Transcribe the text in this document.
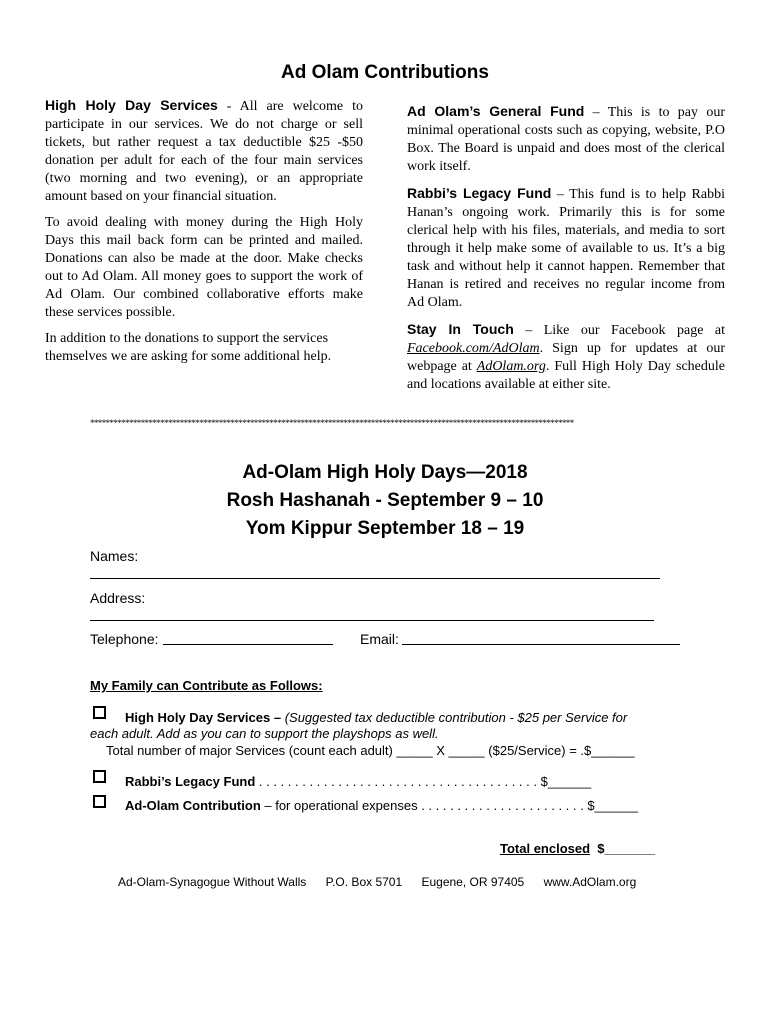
Ad Olam Contributions

High Holy Day Services - All are welcome to participate in our services. We do not charge or sell tickets, but rather request a tax deductible $25 -$50 donation per adult for each of the four main services (two morning and two evening), or an appropriate amount based on your financial situation.

To avoid dealing with money during the High Holy Days this mail back form can be printed and mailed. Donations can also be made at the door. Make checks out to Ad Olam. All money goes to support the work of Ad Olam. Our combined collaborative efforts make these services possible.

In addition to the donations to support the services themselves we are asking for some additional help.

Ad Olam’s General Fund – This is to pay our minimal operational costs such as copying, website, P.O Box. The Board is unpaid and does most of the clerical work itself.

Rabbi’s Legacy Fund – This fund is to help Rabbi Hanan’s ongoing work. Primarily this is for some clerical help with his files, materials, and media to sort through it help make some of available to us. It’s a big task and without help it cannot happen. Remember that Hanan is retired and receives no regular income from Ad Olam.

Stay In Touch – Like our Facebook page at Facebook.com/AdOlam. Sign up for updates at our webpage at AdOlam.org. Full High Holy Day schedule and locations available at either site.

****************************************************************************************************************************
Ad-Olam High Holy Days—2018
Rosh Hashanah - September 9 – 10
Yom Kippur September 18 – 19
Names:
Address:
Telephone:	Email:
My Family can Contribute as Follows:
High Holy Day Services – (Suggested tax deductible contribution - $25 per Service for
each adult. Add as you can to support the playshops as well.
Total number of major Services (count each adult) _____ X _____ ($25/Service) = .$______
Rabbi’s Legacy Fund . . . . . . . . . . . . . . . . . . . . . . . . . . . . . . . . . . . . . . . $______
Ad-Olam Contribution – for operational expenses . . . . . . . . . . . . . . . . . . . . . . . $______
Total enclosed $_______
Ad-Olam-Synagogue Without Walls P.O. Box 5701 Eugene, OR 97405 www.AdOlam.org
